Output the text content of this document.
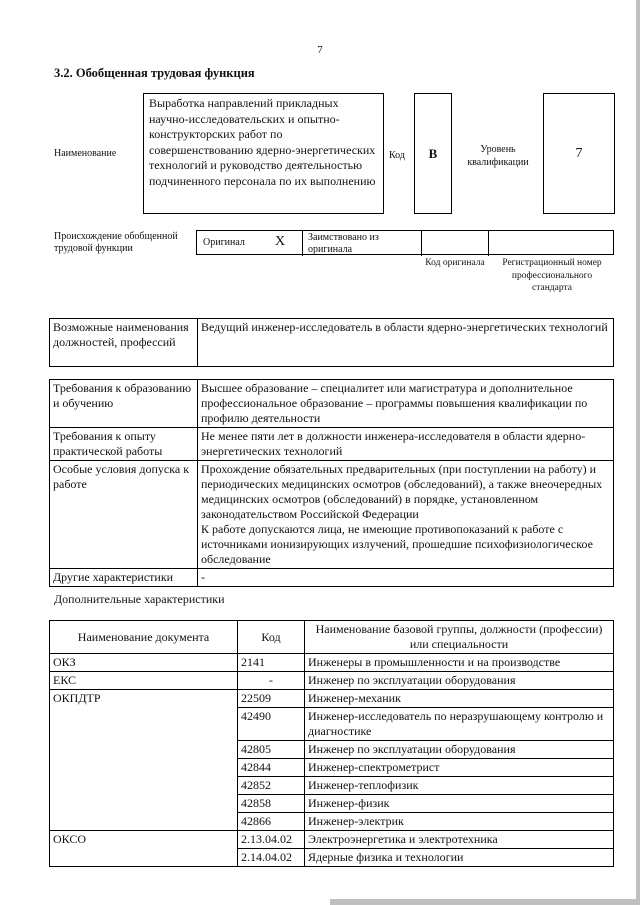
7
3.2. Обобщенная трудовая функция
Наименование
Выработка направлений прикладных научно-исследовательских и опытно-конструкторских работ по совершенствованию ядерно-энергетических технологий и руководство деятельностью подчиненного персонала по их выполнению
Код	B	Уровень квалификации
7
Происхождение обобщенной трудовой функции
Оригинал X Заимствовано из оригинала
Код оригинала	Регистрационный номер профессионального стандарта
Возможные наименования должностей, профессий	Ведущий инженер-исследователь в области ядерно-энергетических технологий
Требования к образованию и обучению	Высшее образование – специалитет или магистратура и дополнительное профессиональное образование – программы повышения квалификации по профилю деятельности
Требования к опыту практической работы	Не менее пяти лет в должности инженера-исследователя в области ядерно-энергетических технологий
Особые условия допуска к работе	Прохождение обязательных предварительных (при поступлении на работу) и периодических медицинских осмотров (обследований), а также внеочередных медицинских осмотров (обследований) в порядке, установленном законодательством Российской Федерации
К работе допускаются лица, не имеющие противопоказаний к работе с источниками ионизирующих излучений, прошедшие психофизиологическое обследование

Другие характеристики	-
Дополнительные характеристики
Наименование документа	Код	Наименование базовой группы, должности (профессии) или специальности
ОКЗ	2141	Инженеры в промышленности и на производстве
ЕКС	-	Инженер по эксплуатации оборудования
ОКПДТР	22509	Инженер-механик
	42490	Инженер-исследователь по неразрушающему контролю и диагностике
	42805	Инженер по эксплуатации оборудования
	42844	Инженер-спектрометрист
	42852	Инженер-теплофизик
	42858	Инженер-физик
	42866	Инженер-электрик
ОКСО	2.13.04.02	Электроэнергетика и электротехника
	2.14.04.02	Ядерные физика и технологии
